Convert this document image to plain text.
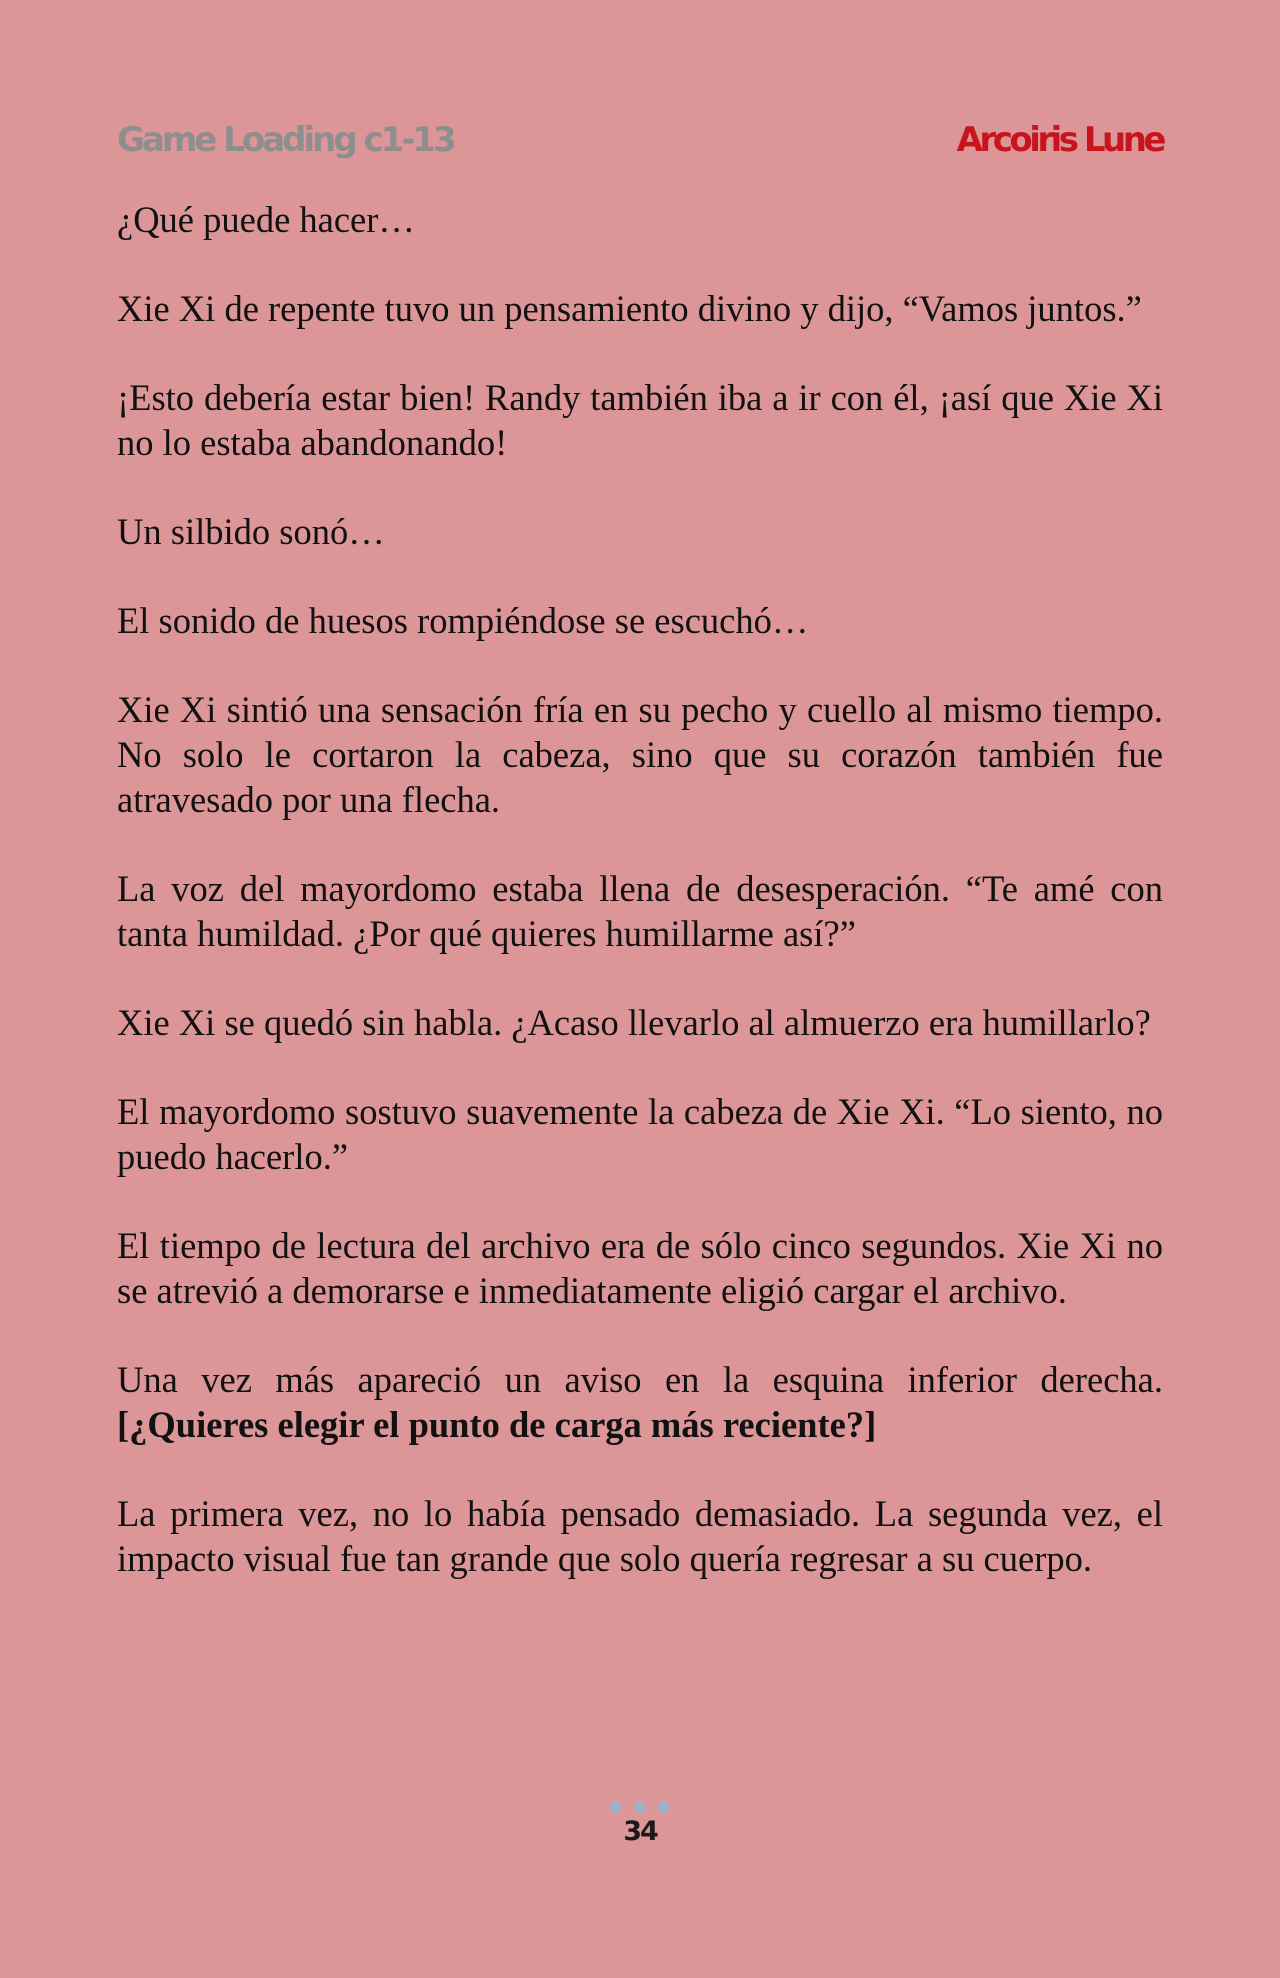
Game Loading c1-13	Arcoiris Lune

¿Qué puede hacer…

Xie Xi de repente tuvo un pensamiento divino y dijo, “Vamos juntos.”

¡Esto debería estar bien! Randy también iba a ir con él, ¡así que Xie Xi no lo estaba abandonando!

Un silbido sonó…

El sonido de huesos rompiéndose se escuchó…

Xie Xi sintió una sensación fría en su pecho y cuello al mismo tiempo. No solo le cortaron la cabeza, sino que su corazón también fue atravesado por una flecha.

La voz del mayordomo estaba llena de desesperación. “Te amé con tanta humildad. ¿Por qué quieres humillarme así?”

Xie Xi se quedó sin habla. ¿Acaso llevarlo al almuerzo era humillarlo?

El mayordomo sostuvo suavemente la cabeza de Xie Xi. “Lo siento, no puedo hacerlo.”

El tiempo de lectura del archivo era de sólo cinco segundos. Xie Xi no se atrevió a demorarse e inmediatamente eligió cargar el archivo.

Una vez más apareció un aviso en la esquina inferior derecha. [¿Quieres elegir el punto de carga más reciente?]

La primera vez, no lo había pensado demasiado. La segunda vez, el impacto visual fue tan grande que solo quería regresar a su cuerpo.

34
